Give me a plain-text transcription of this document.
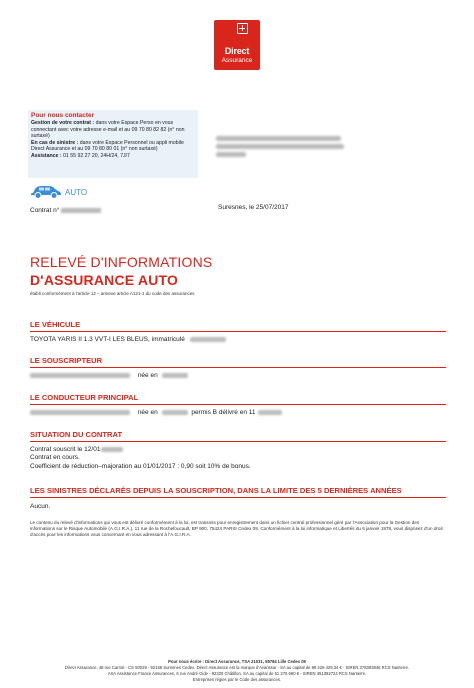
Direct
Assurance
Pour nous contacter
Gestion de votre contrat : dans votre Espace Perso en vous connectant avec votre adresse e-mail et au 09 70 80 82 82 (n° non surtaxé)
En cas de sinistre : dans votre Espace Personnel ou appli mobile Direct Assurance et au 09 70 80 80 01 (n° non surtaxé)
Assistance : 01 55 92 27 20, 24H/24, 7J/7
AUTO
Contrat n°	Suresnes, le 25/07/2017
RELEVÉ D'INFORMATIONS
D'ASSURANCE AUTO
établi conformément à l'article 12 – annexe article A121-1 du code des assurances
LE VÉHICULE
TOYOTA YARIS II 1.3 VVT-I LES BLEUS, immatriculé
LE SOUSCRIPTEUR
née en
LE CONDUCTEUR PRINCIPAL
née en	permis B délivré en 11
SITUATION DU CONTRAT
Contrat souscrit le 12/01
Contrat en cours.
Coefficient de réduction–majoration au 01/01/2017 : 0,90 soit 10% de bonus.
LES SINISTRES DÉCLARÉS DEPUIS LA SOUSCRIPTION, DANS LA LIMITE DES 5 DERNIÈRES ANNÉES
Aucun.
Le contenu du relevé d'informations qui vous est délivré conformément à la loi, est transmis pour enregistrement dans un fichier central professionnel géré par l'Association pour la Gestion des informations sur le Risque Automobile (A.G.I.R.A.), 11 rue de la Rochefoucault, BP 900, 75424 PARIS Cedex 09. Conformément à la loi informatique et Libertés du 6 janvier 1978, vous disposez d'un droit d'accès pour les informations vous concernant en vous adressant à l'A.G.I.R.A.
Pour nous écrire : Direct Assurance, TSA 21031, 59784 Lille Cedex 09
Direct Assurance, 48 rue Carnot - CS 50029 - 92158 Suresnes Cedex. Direct Assurance est la marque d'Avanssur - SA au capital de 99 429 429,34 € - SIREN 378393946 RCS Nanterre.
AXA Assistance France Assurances, 6 rue André Gide - 92320 Châtillon. SA au capital de 51 275 660 € - SIREN 451392724 RCS Nanterre.
Entreprises régies par le Code des assurances.
